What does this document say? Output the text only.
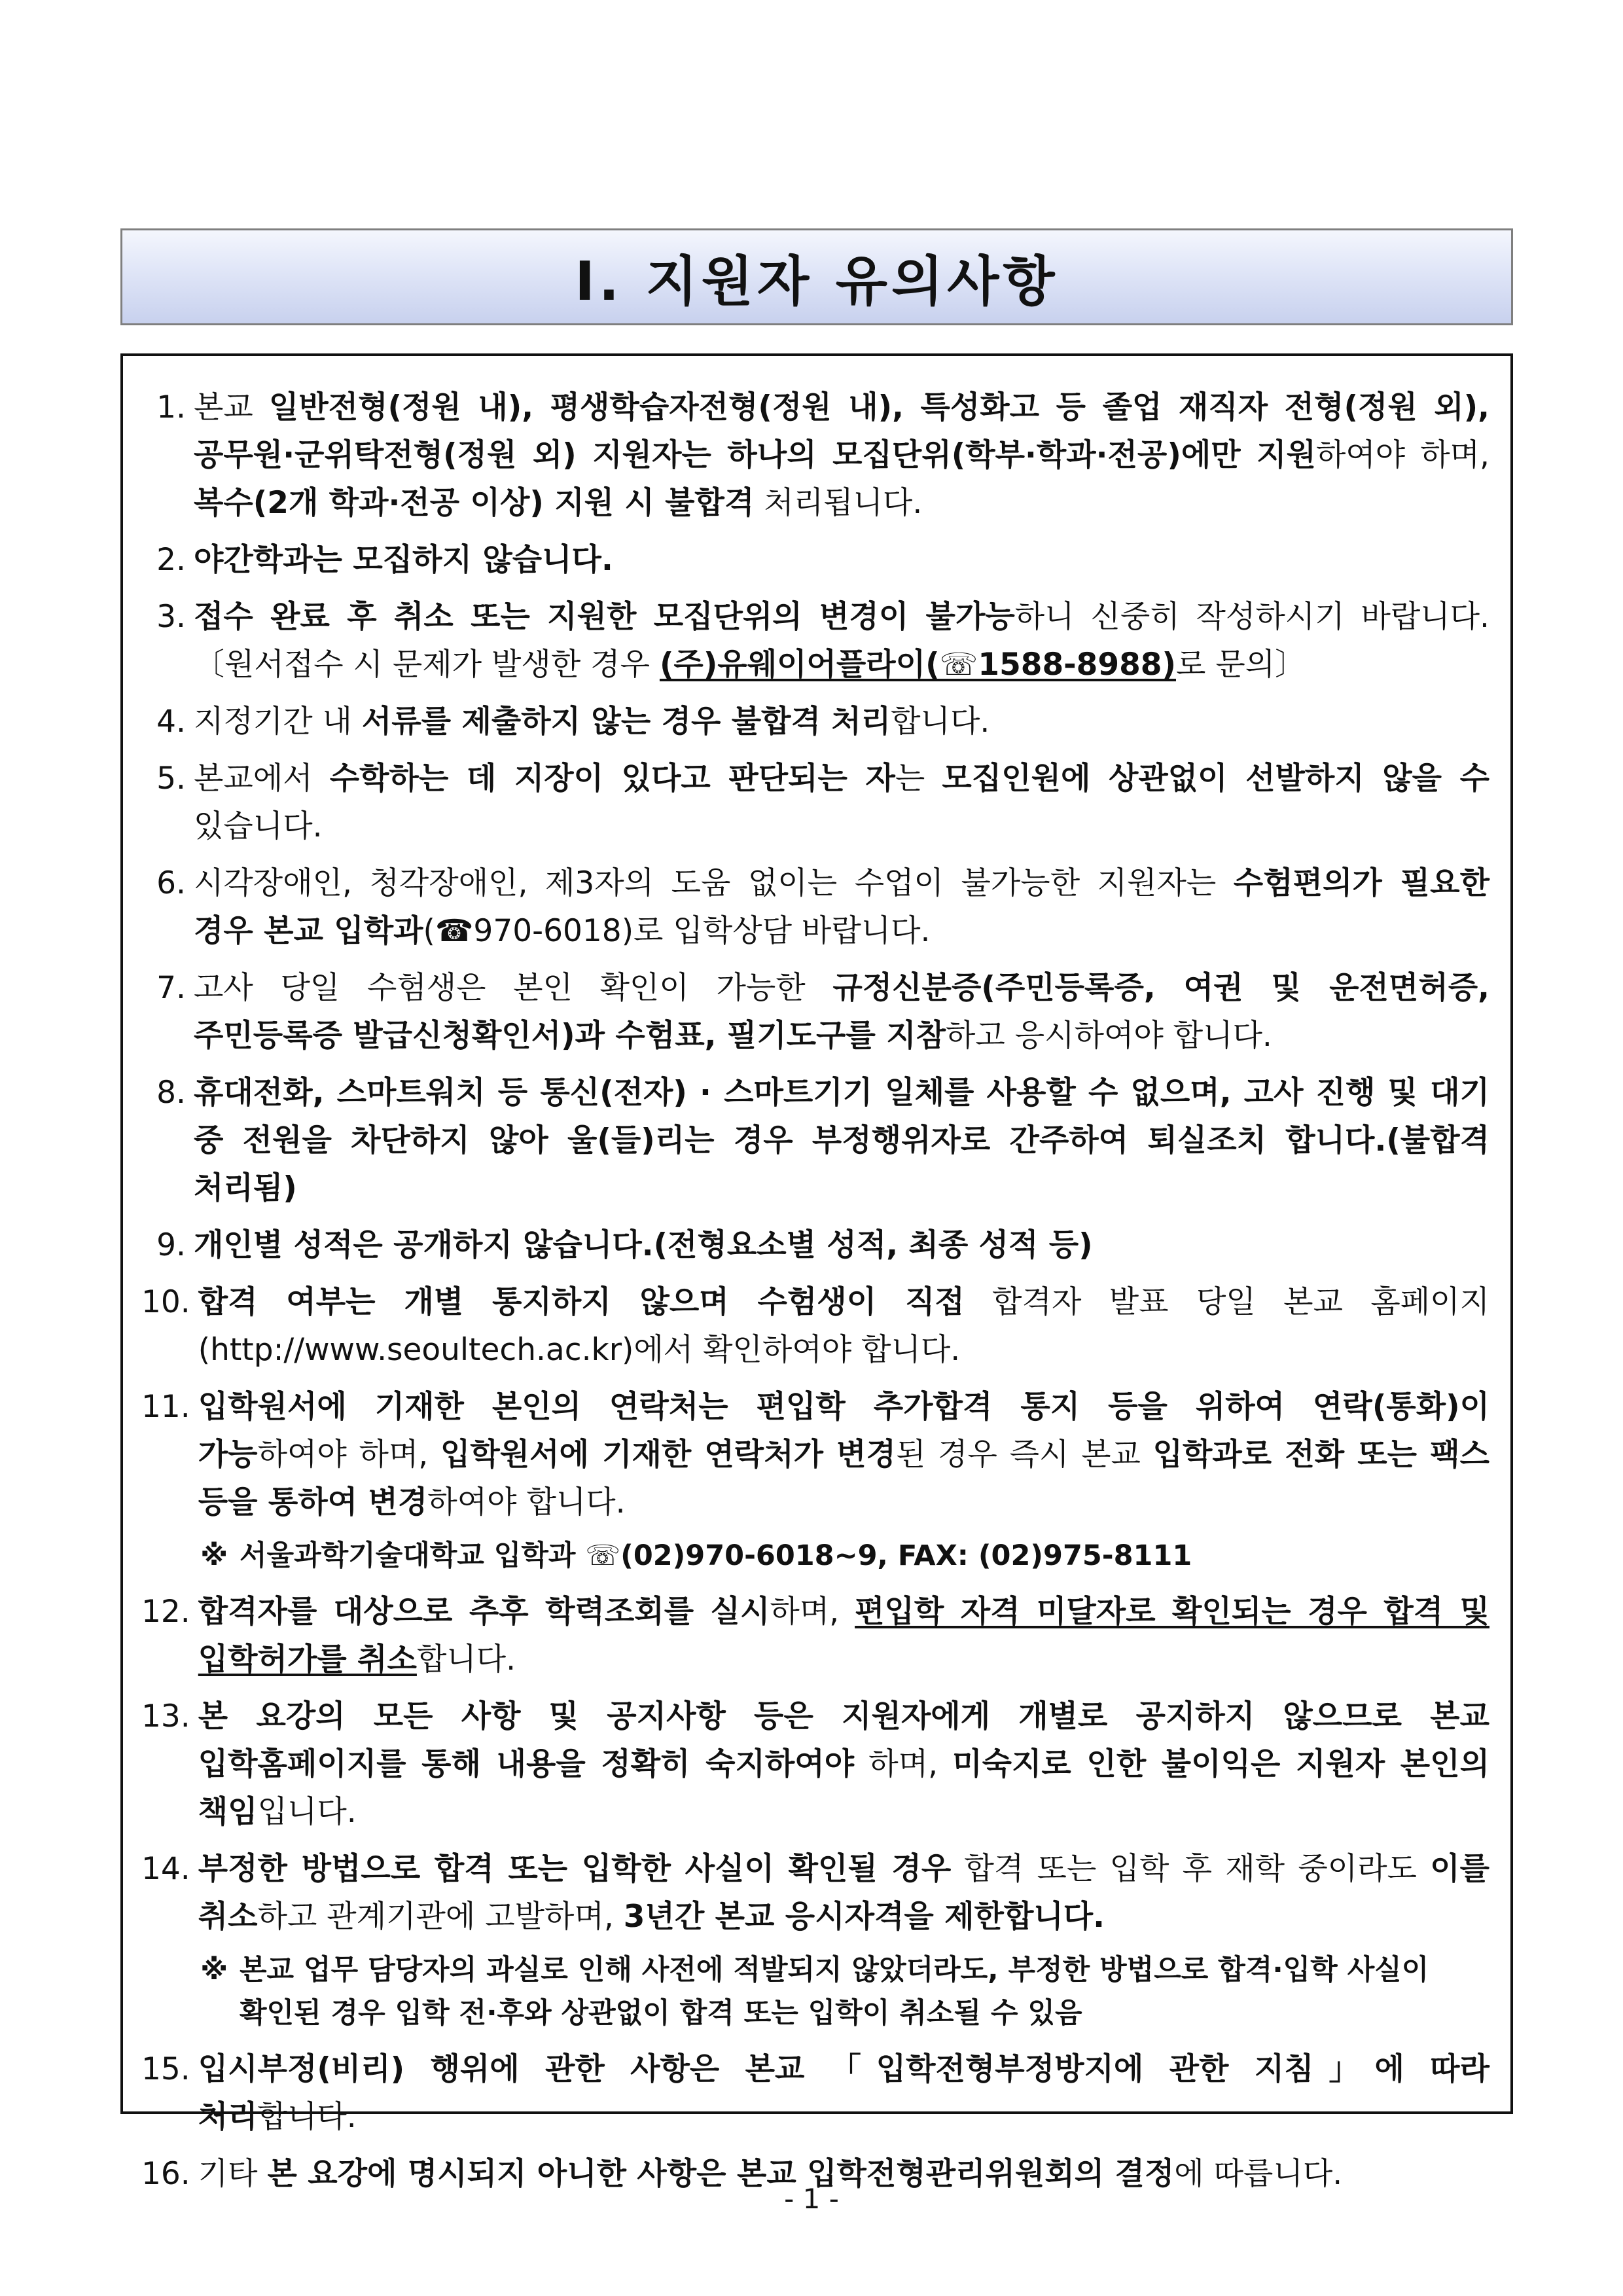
Ⅰ. 지원자 유의사항
1. 본교 일반전형(정원 내), 평생학습자전형(정원 내), 특성화고 등 졸업 재직자 전형(정원 외), 공무원·군위탁전형(정원 외) 지원자는 하나의 모집단위(학부·학과·전공)에만 지원하여야 하며, 복수(2개 학과·전공 이상) 지원 시 불합격 처리됩니다.
2. 야간학과는 모집하지 않습니다.
3. 접수 완료 후 취소 또는 지원한 모집단위의 변경이 불가능하니 신중히 작성하시기 바랍니다. 〔원서접수 시 문제가 발생한 경우 (주)유웨이어플라이(☏1588-8988)로 문의〕
4. 지정기간 내 서류를 제출하지 않는 경우 불합격 처리합니다.
5. 본교에서 수학하는 데 지장이 있다고 판단되는 자는 모집인원에 상관없이 선발하지 않을 수 있습니다.
6. 시각장애인, 청각장애인, 제3자의 도움 없이는 수업이 불가능한 지원자는 수험편의가 필요한 경우 본교 입학과(☎970-6018)로 입학상담 바랍니다.
7. 고사 당일 수험생은 본인 확인이 가능한 규정신분증(주민등록증, 여권 및 운전면허증, 주민등록증 발급신청확인서)과 수험표, 필기도구를 지참하고 응시하여야 합니다.
8. 휴대전화, 스마트워치 등 통신(전자) · 스마트기기 일체를 사용할 수 없으며, 고사 진행 및 대기 중 전원을 차단하지 않아 울(들)리는 경우 부정행위자로 간주하여 퇴실조치 합니다.(불합격 처리됨)
9. 개인별 성적은 공개하지 않습니다.(전형요소별 성적, 최종 성적 등)
10. 합격 여부는 개별 통지하지 않으며 수험생이 직접 합격자 발표 당일 본교 홈페이지 (http://www.seoultech.ac.kr)에서 확인하여야 합니다.
11. 입학원서에 기재한 본인의 연락처는 편입학 추가합격 통지 등을 위하여 연락(통화)이 가능하여야 하며, 입학원서에 기재한 연락처가 변경된 경우 즉시 본교 입학과로 전화 또는 팩스 등을 통하여 변경하여야 합니다.
※ 서울과학기술대학교 입학과 ☏(02)970-6018∼9, FAX: (02)975-8111
12. 합격자를 대상으로 추후 학력조회를 실시하며, 편입학 자격 미달자로 확인되는 경우 합격 및 입학허가를 취소합니다.
13. 본 요강의 모든 사항 및 공지사항 등은 지원자에게 개별로 공지하지 않으므로 본교 입학홈페이지를 통해 내용을 정확히 숙지하여야 하며, 미숙지로 인한 불이익은 지원자 본인의 책임입니다.
14. 부정한 방법으로 합격 또는 입학한 사실이 확인될 경우 합격 또는 입학 후 재학 중이라도 이를 취소하고 관계기관에 고발하며, 3년간 본교 응시자격을 제한합니다.
※ 본교 업무 담당자의 과실로 인해 사전에 적발되지 않았더라도, 부정한 방법으로 합격·입학 사실이 확인된 경우 입학 전·후와 상관없이 합격 또는 입학이 취소될 수 있음
15. 입시부정(비리) 행위에 관한 사항은 본교 「입학전형부정방지에 관한 지침」에 따라 처리합니다.
16. 기타 본 요강에 명시되지 아니한 사항은 본교 입학전형관리위원회의 결정에 따릅니다.
- 1 -
